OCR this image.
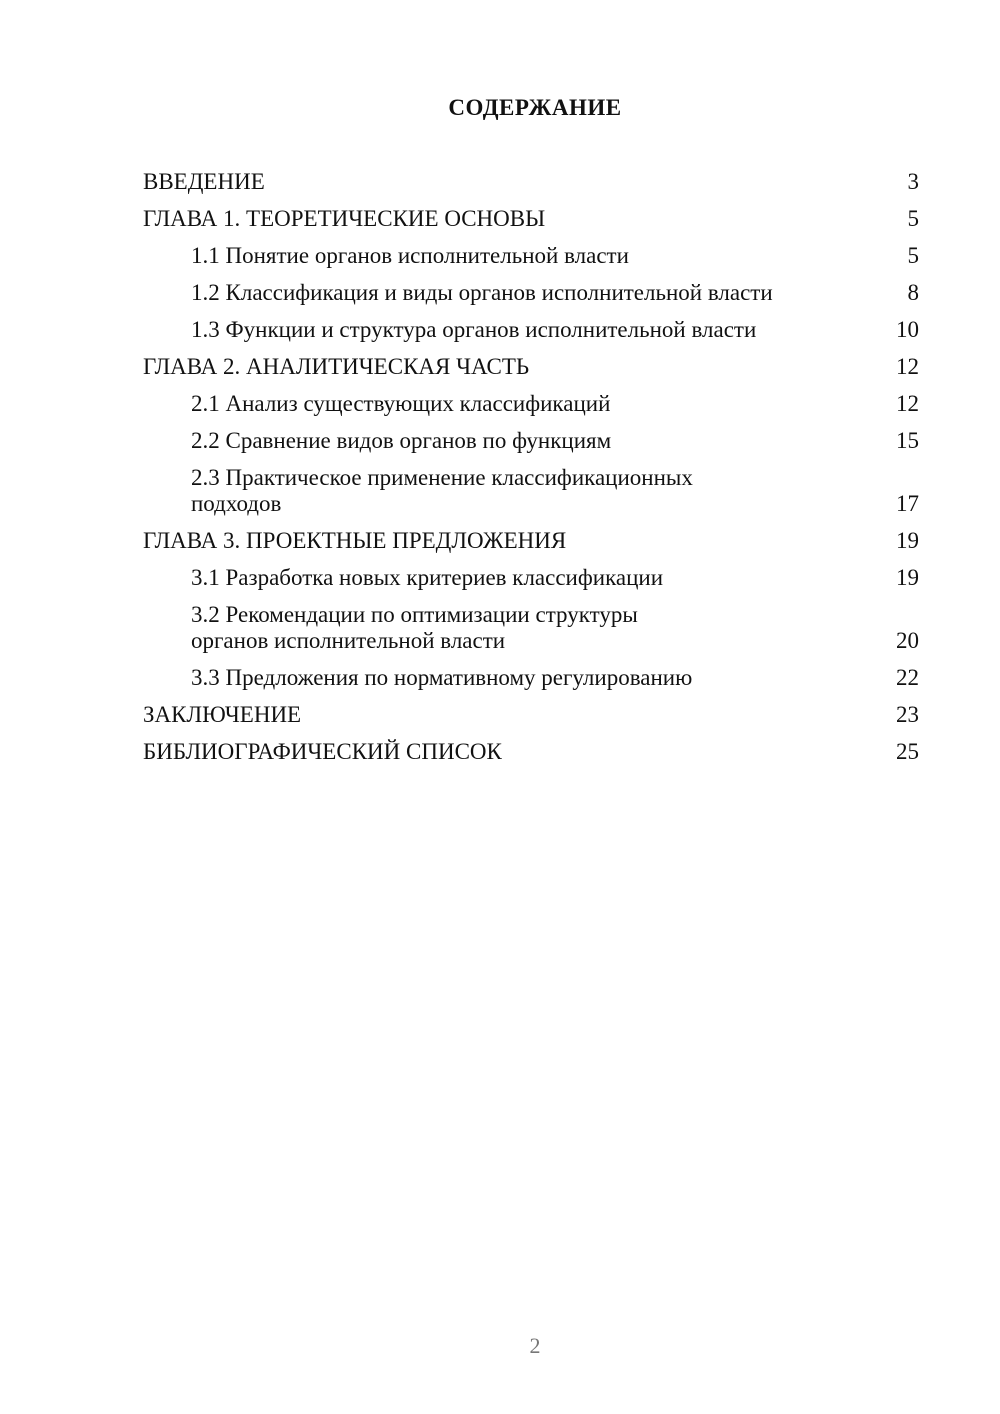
СОДЕРЖАНИЕ
ВВЕДЕНИЕ	3
ГЛАВА 1. ТЕОРЕТИЧЕСКИЕ ОСНОВЫ	5
1.1 Понятие органов исполнительной власти	5
1.2 Классификация и виды органов исполнительной власти	8
1.3 Функции и структура органов исполнительной власти	10
ГЛАВА 2. АНАЛИТИЧЕСКАЯ ЧАСТЬ	12
2.1 Анализ существующих классификаций	12
2.2 Сравнение видов органов по функциям	15
2.3 Практическое применение классификационных подходов	17
ГЛАВА 3. ПРОЕКТНЫЕ ПРЕДЛОЖЕНИЯ	19
3.1 Разработка новых критериев классификации	19
3.2 Рекомендации по оптимизации структуры органов исполнительной власти	20
3.3 Предложения по нормативному регулированию	22
ЗАКЛЮЧЕНИЕ	23
БИБЛИОГРАФИЧЕСКИЙ СПИСОК	25
2
